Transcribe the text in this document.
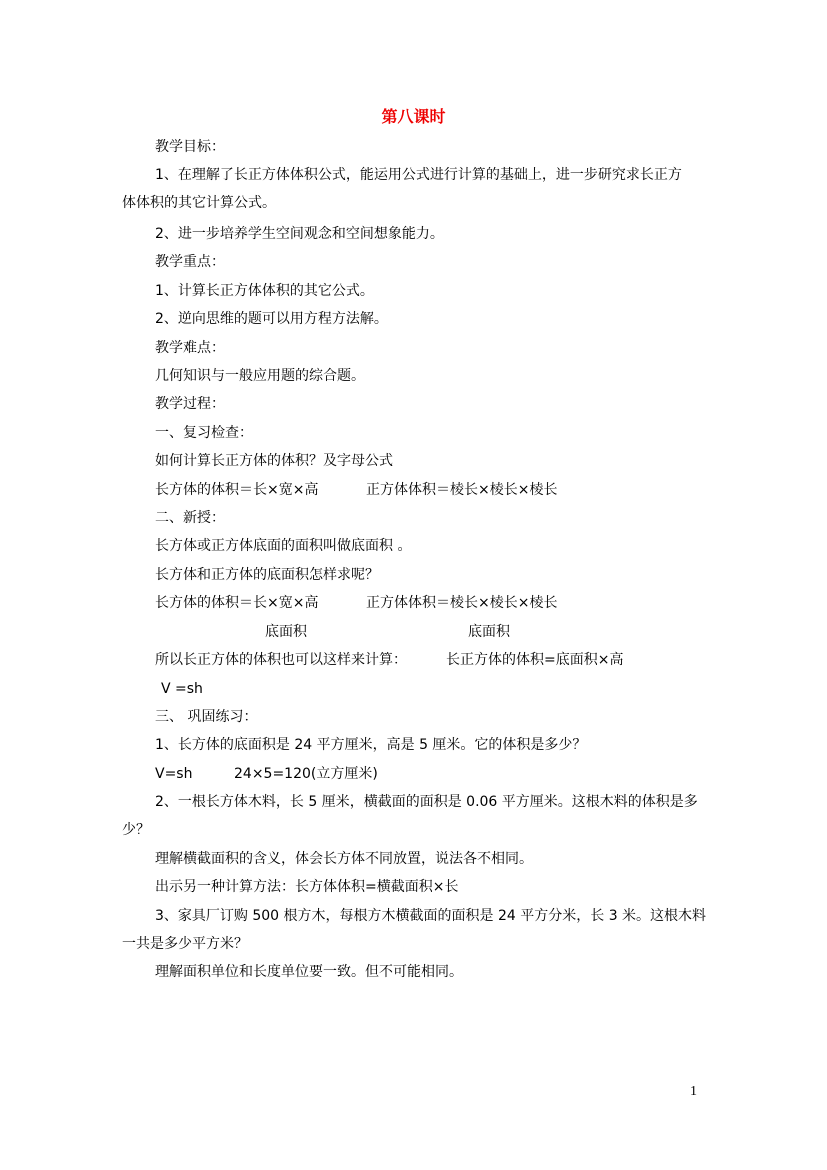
第八课时
教学目标：
1、在理解了长正方体体积公式，能运用公式进行计算的基础上，进一步研究求长正方
体体积的其它计算公式。
2、进一步培养学生空间观念和空间想象能力。
教学重点：
1、计算长正方体体积的其它公式。
2、逆向思维的题可以用方程方法解。
教学难点：
几何知识与一般应用题的综合题。
教学过程：
一、复习检查：
如何计算长正方体的体积？及字母公式
长方体的体积＝长×宽×高	正方体体积＝棱长×棱长×棱长
二、新授：
长方体或正方体底面的面积叫做底面积 。
长方体和正方体的底面积怎样求呢？
长方体的体积＝长×宽×高	正方体体积＝棱长×棱长×棱长
底面积	底面积
所以长正方体的体积也可以这样来计算：	长正方体的体积=底面积×高
V =sh
三、 巩固练习：
1、长方体的底面积是 24 平方厘米，高是 5 厘米。它的体积是多少？
V=sh	24×5=120(立方厘米)
2、一根长方体木料，长 5 厘米，横截面的面积是 0.06 平方厘米。这根木料的体积是多
少？
理解横截面积的含义，体会长方体不同放置，说法各不相同。
出示另一种计算方法：长方体体积=横截面积×长
3、家具厂订购 500 根方木，每根方木横截面的面积是 24 平方分米，长 3 米。这根木料
一共是多少平方米？
理解面积单位和长度单位要一致。但不可能相同。
1
